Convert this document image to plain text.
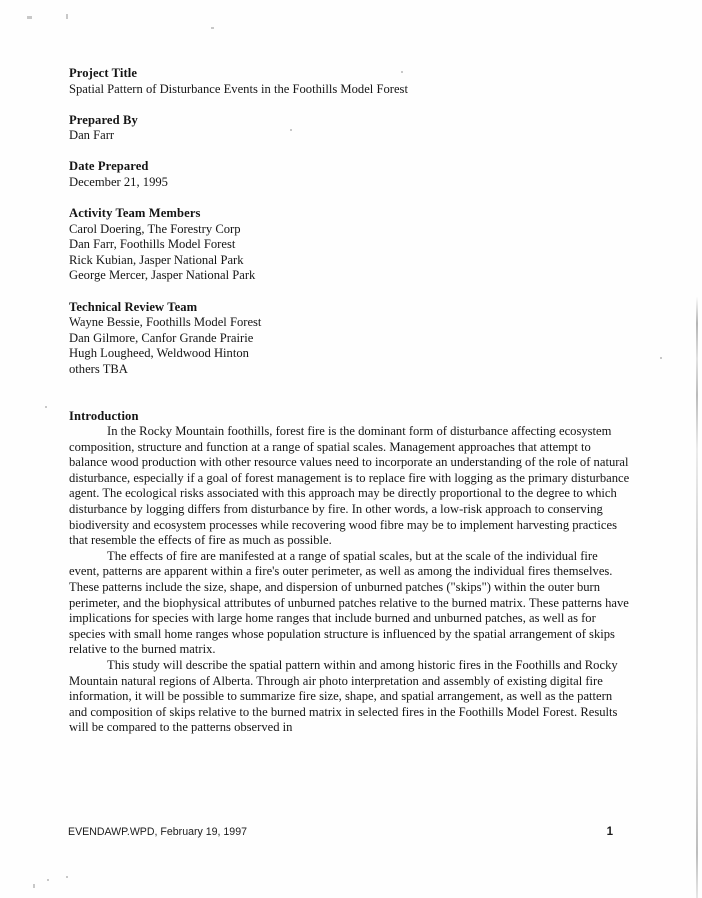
Project Title
Spatial Pattern of Disturbance Events in the Foothills Model Forest
Prepared By
Dan Farr
Date Prepared
December 21, 1995
Activity Team Members
Carol Doering, The Forestry Corp
Dan Farr, Foothills Model Forest
Rick Kubian, Jasper National Park
George Mercer, Jasper National Park
Technical Review Team
Wayne Bessie, Foothills Model Forest
Dan Gilmore, Canfor Grande Prairie
Hugh Lougheed, Weldwood Hinton
others TBA
Introduction

In the Rocky Mountain foothills, forest fire is the dominant form of disturbance affecting ecosystem composition, structure and function at a range of spatial scales. Management approaches that attempt to balance wood production with other resource values need to incorporate an understanding of the role of natural disturbance, especially if a goal of forest management is to replace fire with logging as the primary disturbance agent. The ecological risks associated with this approach may be directly proportional to the degree to which disturbance by logging differs from disturbance by fire. In other words, a low-risk approach to conserving biodiversity and ecosystem processes while recovering wood fibre may be to implement harvesting practices that resemble the effects of fire as much as possible.

The effects of fire are manifested at a range of spatial scales, but at the scale of the individual fire event, patterns are apparent within a fire's outer perimeter, as well as among the individual fires themselves. These patterns include the size, shape, and dispersion of unburned patches ("skips") within the outer burn perimeter, and the biophysical attributes of unburned patches relative to the burned matrix. These patterns have implications for species with large home ranges that include burned and unburned patches, as well as for species with small home ranges whose population structure is influenced by the spatial arrangement of skips relative to the burned matrix.

This study will describe the spatial pattern within and among historic fires in the Foothills and Rocky Mountain natural regions of Alberta. Through air photo interpretation and assembly of existing digital fire information, it will be possible to summarize fire size, shape, and spatial arrangement, as well as the pattern and composition of skips relative to the burned matrix in selected fires in the Foothills Model Forest. Results will be compared to the patterns observed in

EVENDAWP.WPD, February 19, 1997	1
